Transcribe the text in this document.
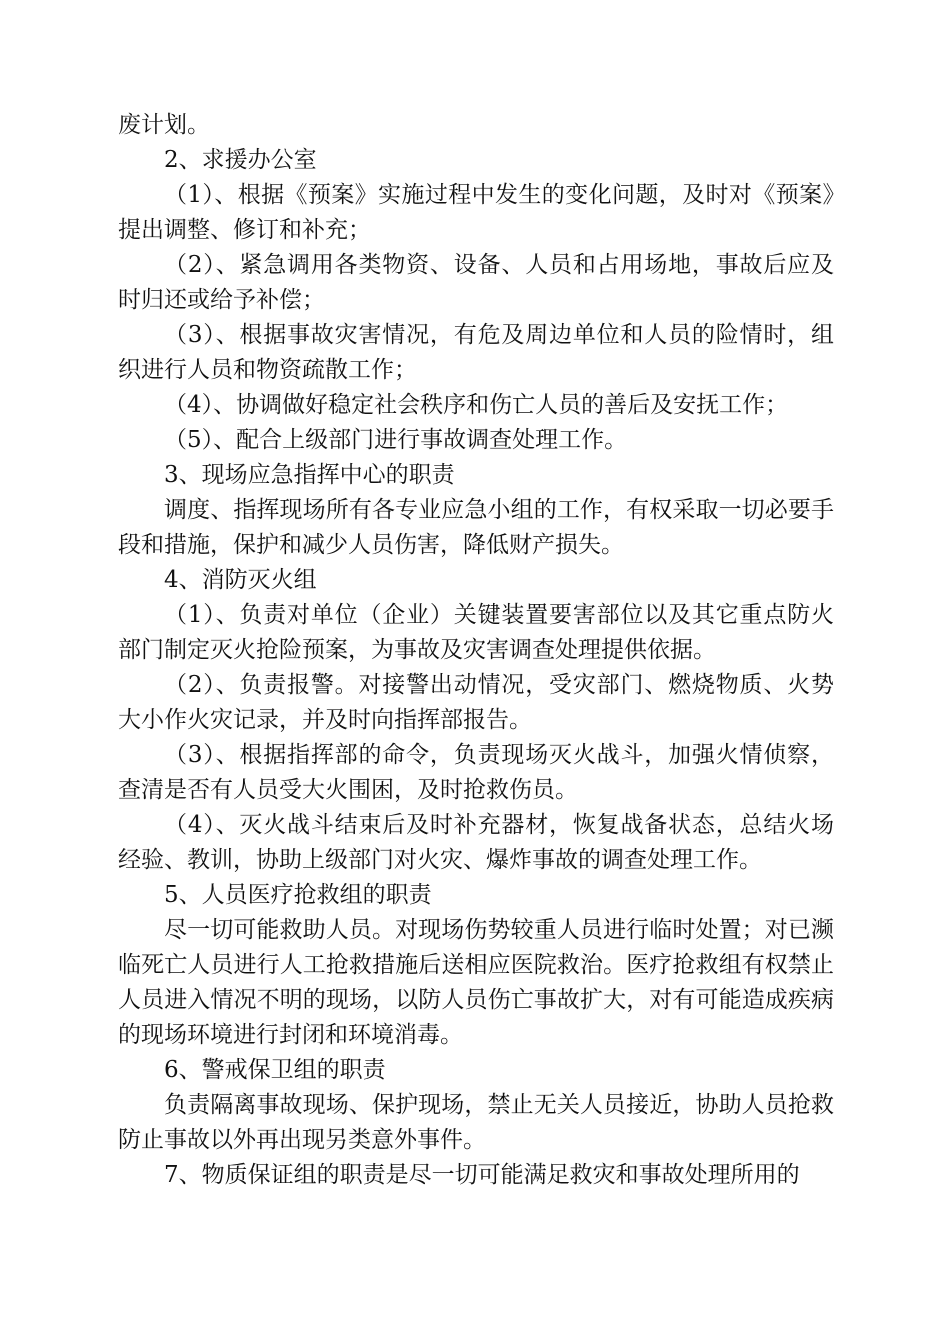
废计划。

2、求援办公室

（1）、根据《预案》实施过程中发生的变化问题，及时对《预案》提出调整、修订和补充；

（2）、紧急调用各类物资、设备、人员和占用场地，事故后应及时归还或给予补偿；

（3）、根据事故灾害情况，有危及周边单位和人员的险情时，组织进行人员和物资疏散工作；

（4）、协调做好稳定社会秩序和伤亡人员的善后及安抚工作；

（5）、配合上级部门进行事故调查处理工作。

3、现场应急指挥中心的职责

调度、指挥现场所有各专业应急小组的工作，有权采取一切必要手段和措施，保护和减少人员伤害，降低财产损失。

4、消防灭火组

（1）、负责对单位（企业）关键装置要害部位以及其它重点防火部门制定灭火抢险预案，为事故及灾害调查处理提供依据。

（2）、负责报警。对接警出动情况，受灾部门、燃烧物质、火势大小作火灾记录，并及时向指挥部报告。

（3）、根据指挥部的命令，负责现场灭火战斗，加强火情侦察，查清是否有人员受大火围困，及时抢救伤员。

（4）、灭火战斗结束后及时补充器材，恢复战备状态，总结火场经验、教训，协助上级部门对火灾、爆炸事故的调查处理工作。

5、人员医疗抢救组的职责

尽一切可能救助人员。对现场伤势较重人员进行临时处置；对已濒临死亡人员进行人工抢救措施后送相应医院救治。医疗抢救组有权禁止人员进入情况不明的现场，以防人员伤亡事故扩大，对有可能造成疾病的现场环境进行封闭和环境消毒。

6、警戒保卫组的职责

负责隔离事故现场、保护现场，禁止无关人员接近，协助人员抢救防止事故以外再出现另类意外事件。

7、物质保证组的职责是尽一切可能满足救灾和事故处理所用的
